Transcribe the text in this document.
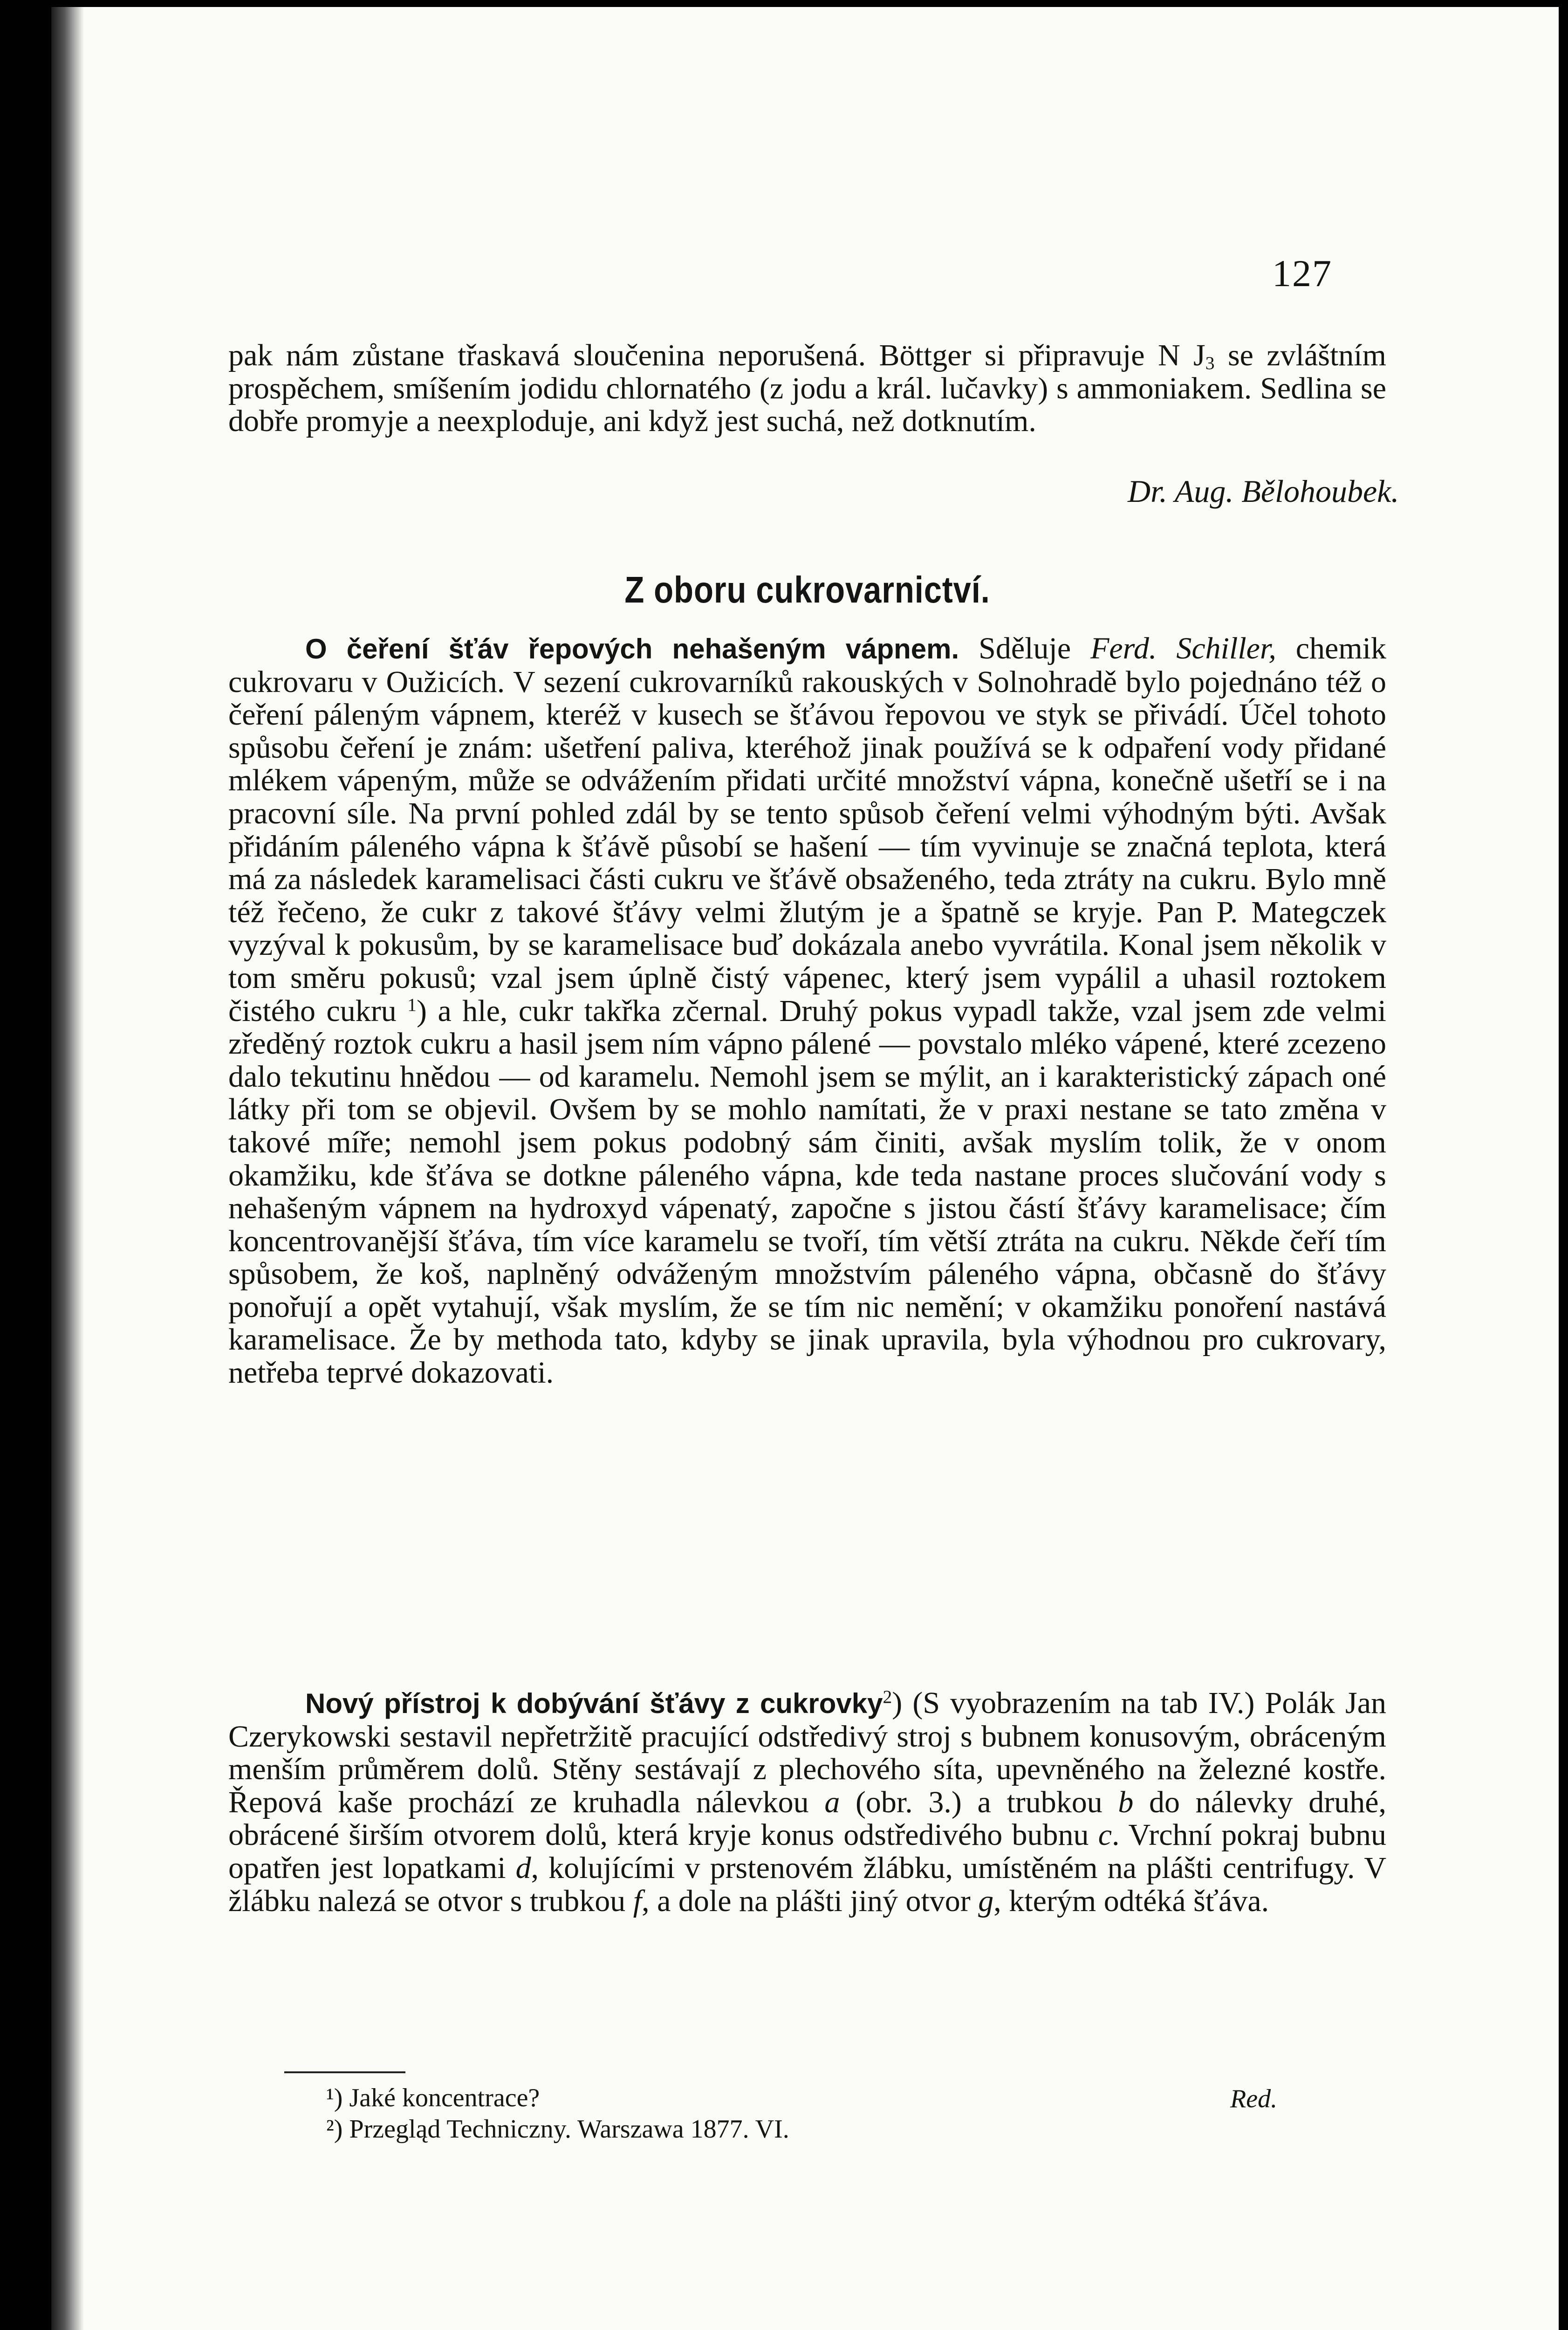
127

pak nám zůstane třaskavá sloučenina neporušená. Böttger si připravuje N $J_3$ se zvláštním prospěchem, smíšením jodidu chlornatého (z jodu a král. lučavky) s ammoniakem. Sedlina se dobře promyje a neexploduje, ani když jest suchá, než dotknutím.

Dr. Aug. Bělohoubek.
Z oboru cukrovarnictví.

O čeření šťáv řepových nehašeným vápnem. Sděluje Ferd. Schiller, chemik cukrovaru v Oužicích. V sezení cukrovarníků rakouských v Solnohradě bylo pojednáno též o čeření páleným vápnem, kteréž v kusech se šťávou řepovou ve styk se přivádí. Účel tohoto spůsobu čeření je znám: ušetření paliva, kteréhož jinak používá se k odpaření vody přidané mlékem vápeným, může se odvážením přidati určité množství vápna, konečně ušetří se i na pracovní síle. Na první pohled zdál by se tento spůsob čeření velmi výhodným býti. Avšak přidáním páleného vápna k šťávě působí se hašení — tím vyvinuje se značná teplota, která má za následek karamelisaci části cukru ve šťávě obsaženého, teda ztráty na cukru. Bylo mně též řečeno, že cukr z takové šťávy velmi žlutým je a špatně se kryje. Pan P. Mategczek vyzýval k pokusům, by se karamelisace buď dokázala anebo vyvrátila. Konal jsem několik v tom směru pokusů; vzal jsem úplně čistý vápenec, který jsem vypálil a uhasil roztokem čistého cukru $^1$) a hle, cukr takřka zčernal. Druhý pokus vypadl takže, vzal jsem zde velmi zředěný roztok cukru a hasil jsem ním vápno pálené — povstalo mléko vápené, které zcezeno dalo tekutinu hnědou — od karamelu. Nemohl jsem se mýlit, an i karakteristický zápach oné látky při tom se objevil. Ovšem by se mohlo namítati, že v praxi nestane se tato změna v takové míře; nemohl jsem pokus podobný sám činiti, avšak myslím tolik, že v onom okamžiku, kde šťáva se dotkne páleného vápna, kde teda nastane proces slučování vody s nehašeným vápnem na hydroxyd vápenatý, započne s jistou částí šťávy karamelisace; čím koncentrovanější šťáva, tím více karamelu se tvoří, tím větší ztráta na cukru. Někde čeří tím spůsobem, že koš, naplněný odváženým množstvím páleného vápna, občasně do šťávy ponořují a opět vytahují, však myslím, že se tím nic nemění; v okamžiku ponoření nastává karamelisace. Že by methoda tato, kdyby se jinak upravila, byla výhodnou pro cukrovary, netřeba teprvé dokazovati.

Nový přístroj k dobývání šťávy z cukrovky$^2$) (S vyobrazením na tab IV.) Polák Jan Czerykowski sestavil nepřetržitě pracující odstředivý stroj s bubnem konusovým, obráceným menším průměrem dolů. Stěny sestávají z plechového síta, upevněného na železné kostře. Řepová kaše prochází ze kruhadla nálevkou a (obr. 3.) a trubkou b do nálevky druhé, obrácené širším otvorem dolů, která kryje konus odstředivého bubnu c. Vrchní pokraj bubnu opatřen jest lopatkami d, kolujícími v prstenovém žlábku, umístěném na plášti centrifugy. V žlábku nalezá se otvor s trubkou f, a dole na plášti jiný otvor g, kterým odtéká šťáva.

¹) Jaké koncentrace?	Red.
²) Przegląd Techniczny. Warszawa 1877. VI.
